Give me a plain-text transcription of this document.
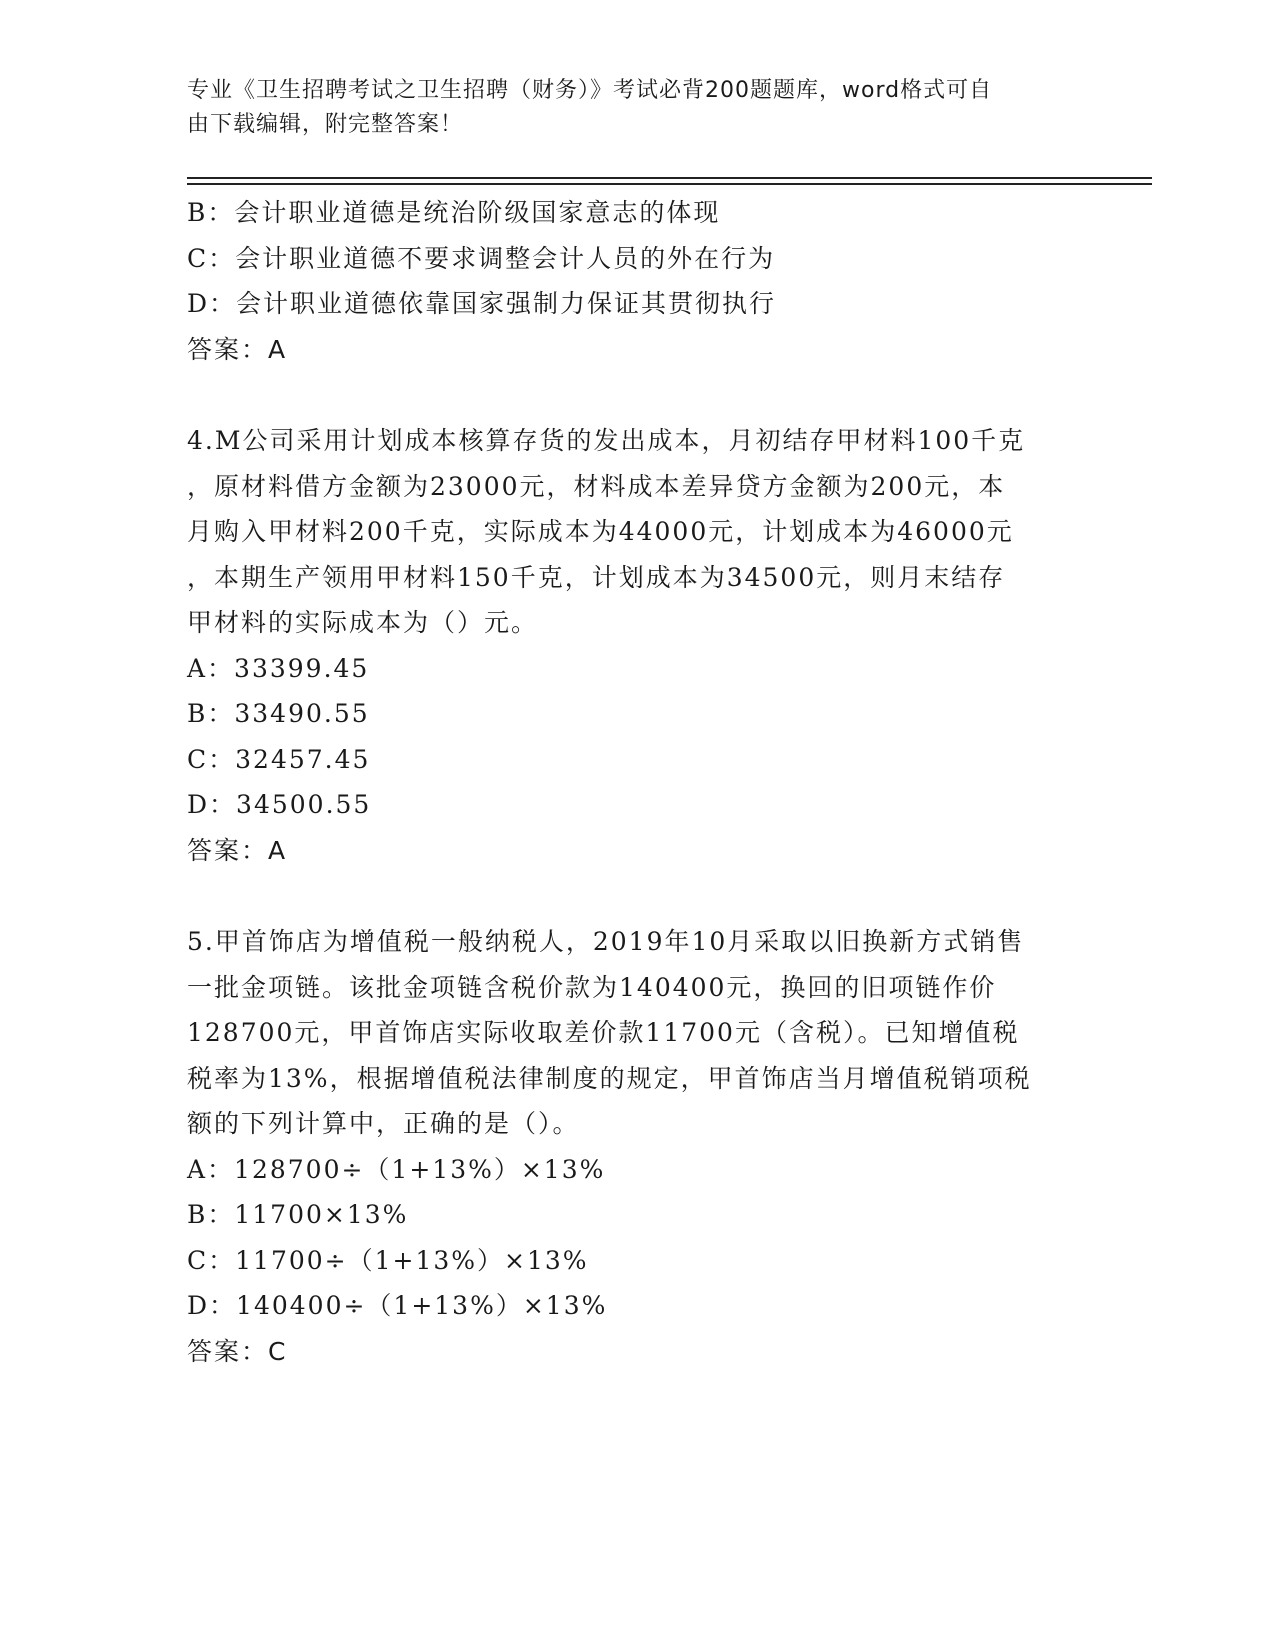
专业《卫生招聘考试之卫生招聘（财务）》考试必背200题题库，word格式可自
由下载编辑，附完整答案！
B：会计职业道德是统治阶级国家意志的体现
C：会计职业道德不要求调整会计人员的外在行为
D：会计职业道德依靠国家强制力保证其贯彻执行
答案：A
4.M公司采用计划成本核算存货的发出成本，月初结存甲材料100千克
，原材料借方金额为23000元，材料成本差异贷方金额为200元，本
月购入甲材料200千克，实际成本为44000元，计划成本为46000元
，本期生产领用甲材料150千克，计划成本为34500元，则月末结存
甲材料的实际成本为（）元。
A：33399.45
B：33490.55
C：32457.45
D：34500.55
答案：A
5.甲首饰店为增值税一般纳税人，2019年10月采取以旧换新方式销售
一批金项链。该批金项链含税价款为140400元，换回的旧项链作价
128700元，甲首饰店实际收取差价款11700元（含税）。已知增值税
税率为13%，根据增值税法律制度的规定，甲首饰店当月增值税销项税
额的下列计算中，正确的是（）。
A：128700÷（1+13%）×13%
B：11700×13%
C：11700÷（1+13%）×13%
D：140400÷（1+13%）×13%
答案：C
